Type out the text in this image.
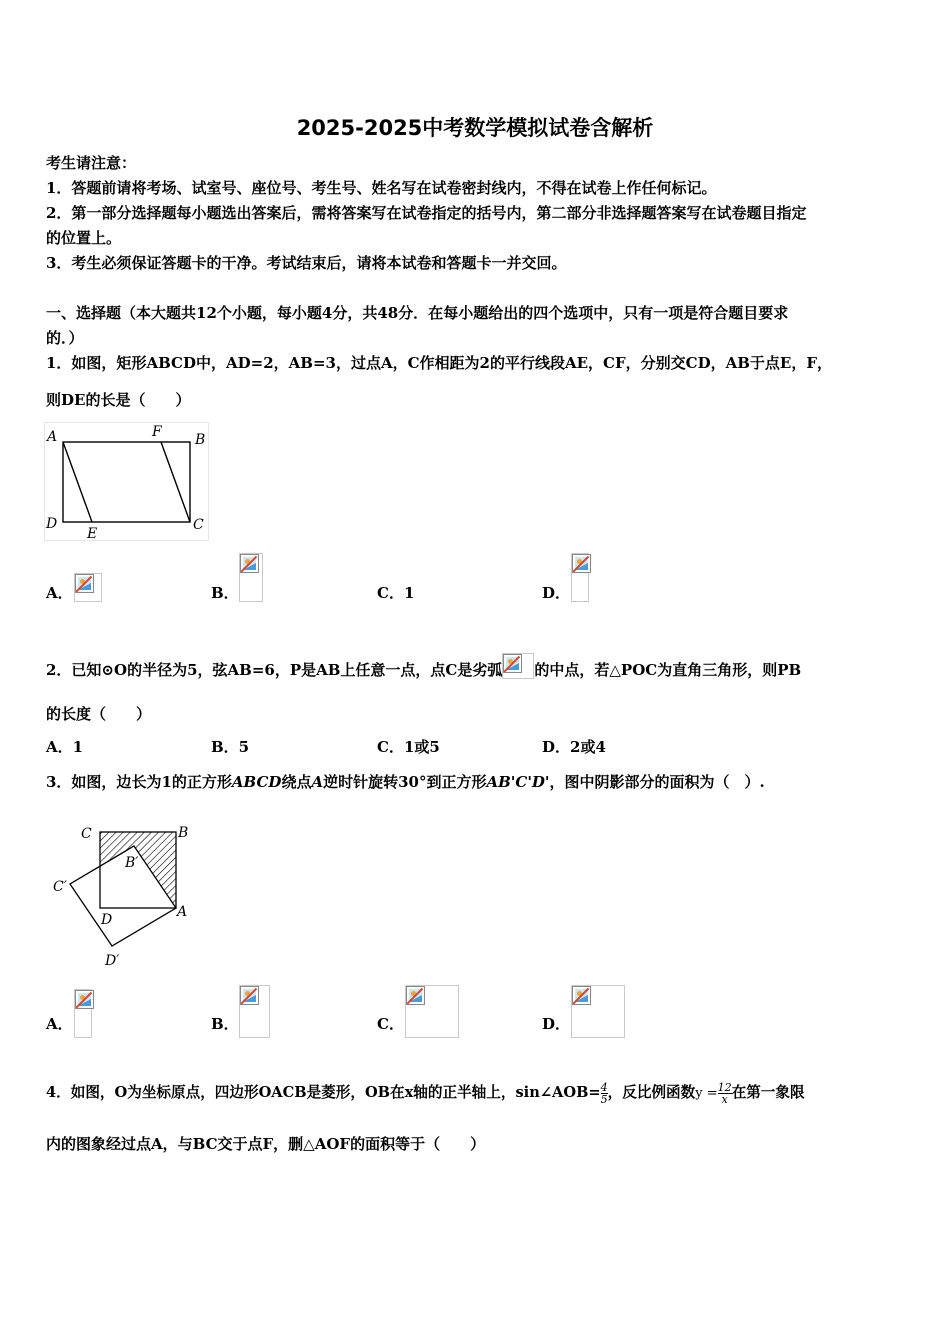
2025-2025中考数学模拟试卷含解析
考生请注意：
1．答题前请将考场、试室号、座位号、考生号、姓名写在试卷密封线内，不得在试卷上作任何标记。
2．第一部分选择题每小题选出答案后，需将答案写在试卷指定的括号内，第二部分非选择题答案写在试卷题目指定
的位置上。
3．考生必须保证答题卡的干净。考试结束后，请将本试卷和答题卡一并交回。
一、选择题（本大题共12个小题，每小题4分，共48分．在每小题给出的四个选项中，只有一项是符合题目要求
的．）
1．如图，矩形ABCD中，AD=2，AB=3，过点A，C作相距为2的平行线段AE，CF，分别交CD，AB于点E，F，
则DE的长是（　　）
A	F B
D
E
C
A．	B．	C．1	D．
2．已知⊙O的半径为5，弦AB=6，P是AB上任意一点，点C是劣弧 的中点，若△POC为直角三角形，则PB
的长度（　　）
A．1	B．5	C．1或5	D．2或4
3．如图，边长为1的正方形ABCD绕点A逆时针旋转30°到正方形AB'C'D'，图中阴影部分的面积为（　）.
C	B
B′
C′
D	A
D′
A．	B．	C．	D．
4．如图，O为坐标原点，四边形OACB是菱形，OB在x轴的正半轴上，sin∠AOB= $\frac{4}{5}$ ，反比例函数$y = \frac{12}{x}$ 在第一象限
内的图象经过点A，与BC交于点F，删△AOF的面积等于（　　）
